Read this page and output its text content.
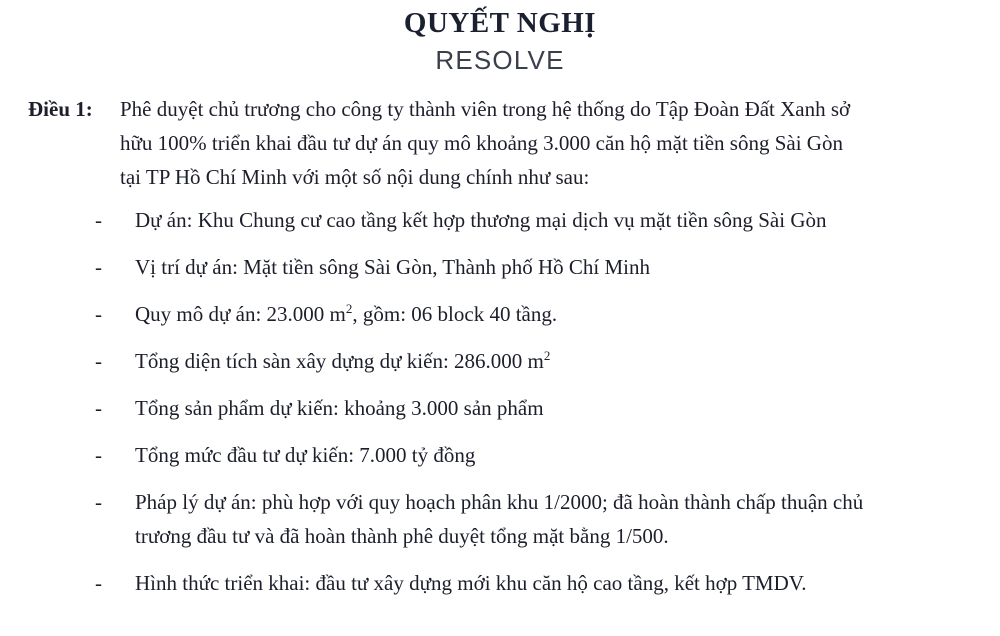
QUYẾT NGHỊ
RESOLVE
Điều 1:	Phê duyệt chủ trương cho công ty thành viên trong hệ thống do Tập Đoàn Đất Xanh sở
hữu 100% triển khai đầu tư dự án quy mô khoảng 3.000 căn hộ mặt tiền sông Sài Gòn
tại TP Hồ Chí Minh với một số nội dung chính như sau:
-	Dự án: Khu Chung cư cao tầng kết hợp thương mại dịch vụ mặt tiền sông Sài Gòn
-	Vị trí dự án: Mặt tiền sông Sài Gòn, Thành phố Hồ Chí Minh
-	Quy mô dự án: 23.000 $m^2$, gồm: 06 block 40 tầng.
-	Tổng diện tích sàn xây dựng dự kiến: 286.000 $m^2$
-	Tổng sản phẩm dự kiến: khoảng 3.000 sản phẩm
-	Tổng mức đầu tư dự kiến: 7.000 tỷ đồng
-	Pháp lý dự án: phù hợp với quy hoạch phân khu 1/2000; đã hoàn thành chấp thuận chủ
trương đầu tư và đã hoàn thành phê duyệt tổng mặt bằng 1/500.
-	Hình thức triển khai: đầu tư xây dựng mới khu căn hộ cao tầng, kết hợp TMDV.
